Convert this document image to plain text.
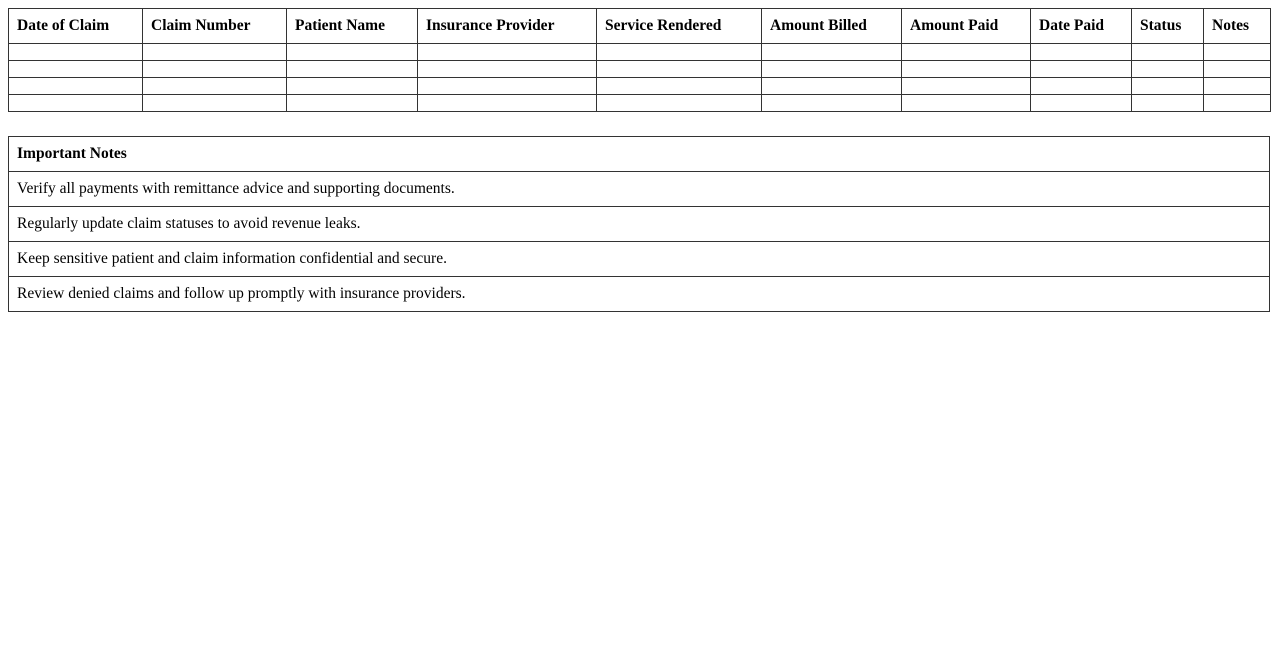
Date of Claim	Claim Number	Patient Name	Insurance Provider	Service Rendered	Amount Billed	Amount Paid	Date Paid	Status	Notes

Important Notes
Verify all payments with remittance advice and supporting documents.
Regularly update claim statuses to avoid revenue leaks.
Keep sensitive patient and claim information confidential and secure.
Review denied claims and follow up promptly with insurance providers.
